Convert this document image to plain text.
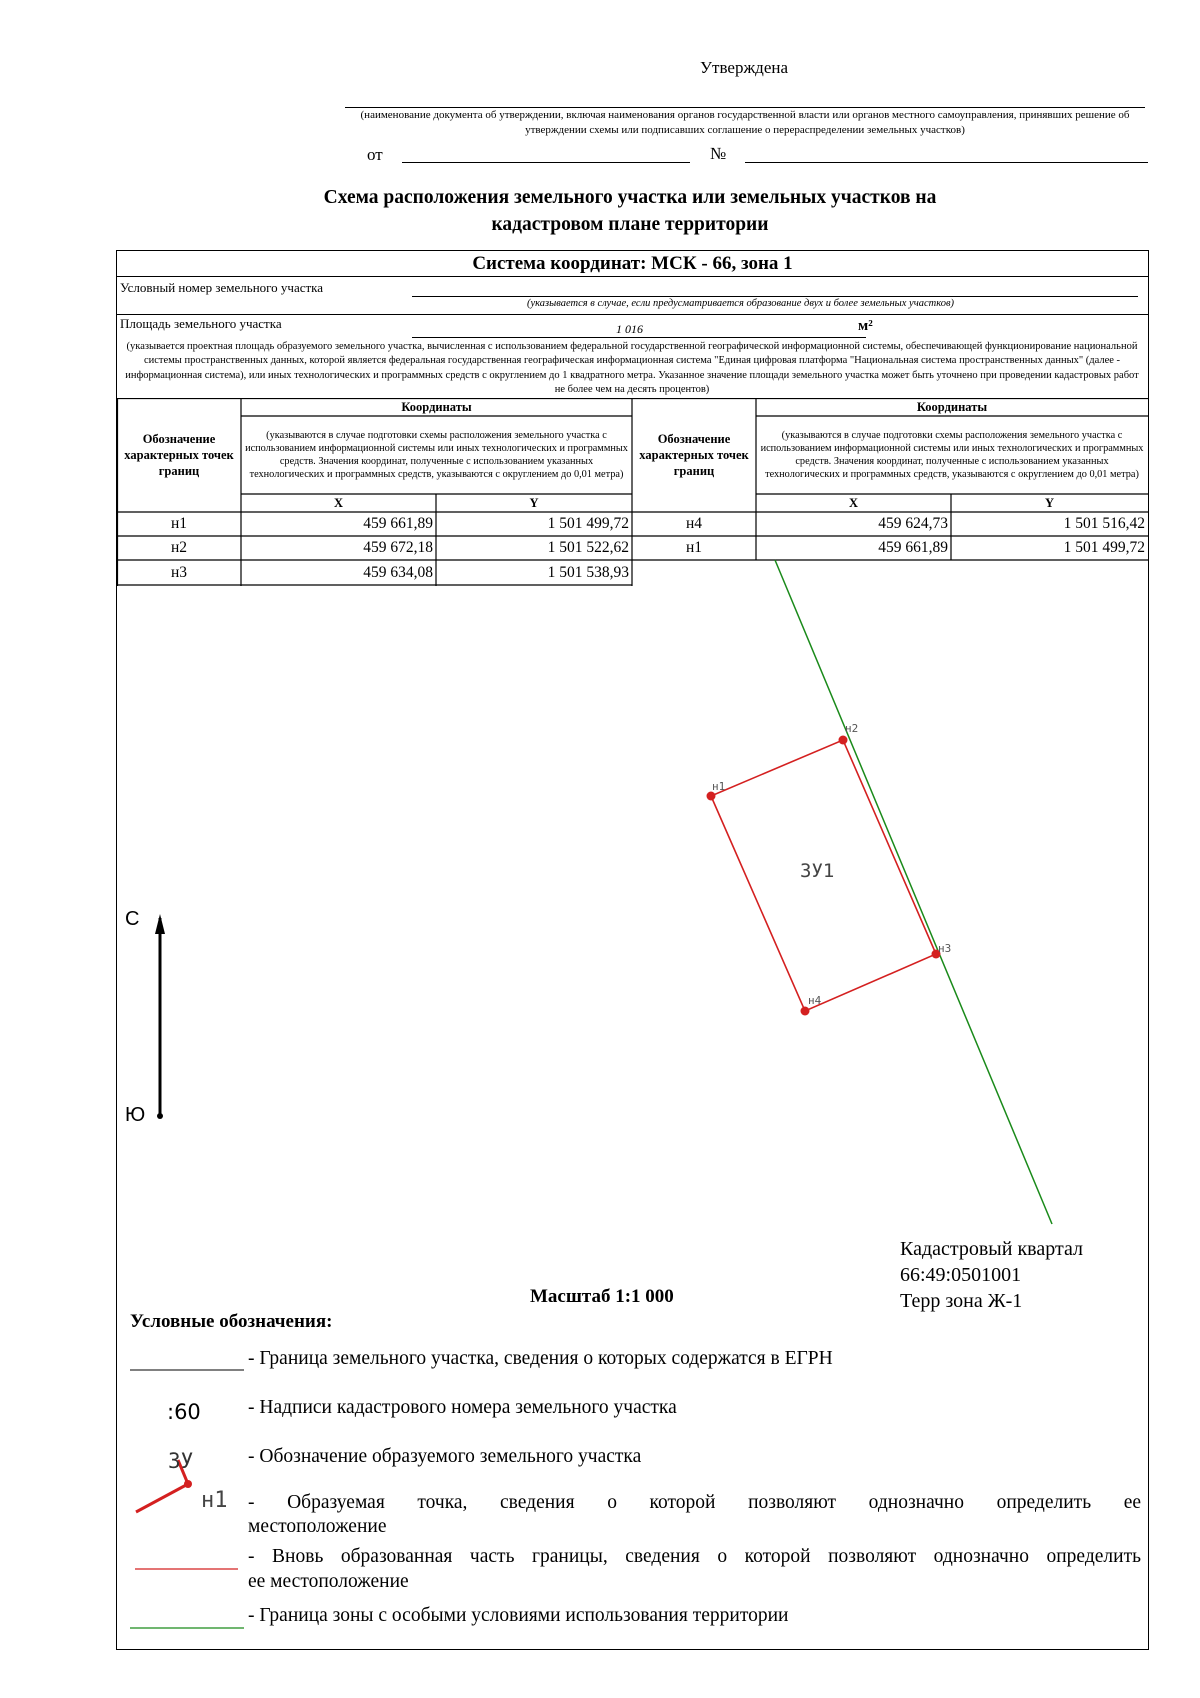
Утверждена
(наименование документа об утверждении, включая наименования органов государственной власти или органов местного самоуправления, принявших решение об утверждении схемы или подписавших соглашение о перераспределении земельных участков)
от	№
Схема расположения земельного участка или земельных участков на кадастровом плане территории
Система координат: МСК - 66, зона 1
Условный номер земельного участка
(указывается в случае, если предусматривается образование двух и более земельных участков)
Площадь земельного участка	1 016	м²
(указывается проектная площадь образуемого земельного участка, вычисленная с использованием федеральной государственной географической информационной системы, обеспечивающей функционирование национальной системы пространственных данных, которой является федеральная государственная географическая информационная система "Единая цифровая платформа "Национальная система пространственных данных" (далее - информационная система), или иных технологических и программных средств с округлением до 1 квадратного метра. Указанное значение площади земельного участка может быть уточнено при проведении кадастровых работ не более чем на десять процентов)
Обозначение характерных точек границ
Координаты
(указываются в случае подготовки схемы расположения земельного участка с использованием информационной системы или иных технологических и программных средств. Значения координат, полученные с использованием указанных технологических и программных средств, указываются с округлением до 0,01 метра)
X	Y
Обозначение характерных точек границ
Координаты
(указываются в случае подготовки схемы расположения земельного участка с использованием информационной системы или иных технологических и программных средств. Значения координат, полученные с использованием указанных технологических и программных средств, указываются с округлением до 0,01 метра)
X	Y
н1	459 661,89	1 501 499,72
н2	459 672,18	1 501 522,62
н3	459 634,08	1 501 538,93
н4	459 624,73	1 501 516,42
н1	459 661,89	1 501 499,72
н1
н2
н3
н4
ЗУ1
С
Ю
Кадастровый квартал
66:49:0501001
Терр зона Ж-1
Масштаб 1:1 000
Условные обозначения:
- Граница земельного участка, сведения о которых содержатся в ЕГРН
:60 - Надписи кадастрового номера земельного участка
ЗУ	- Обозначение образуемого земельного участка
н1 - Образуемая точка, сведения о которой позволяют однозначно определить ее
местоположение
- Вновь образованная часть границы, сведения о которой позволяют однозначно определить
ее местоположение
- Граница зоны с особыми условиями использования территории
